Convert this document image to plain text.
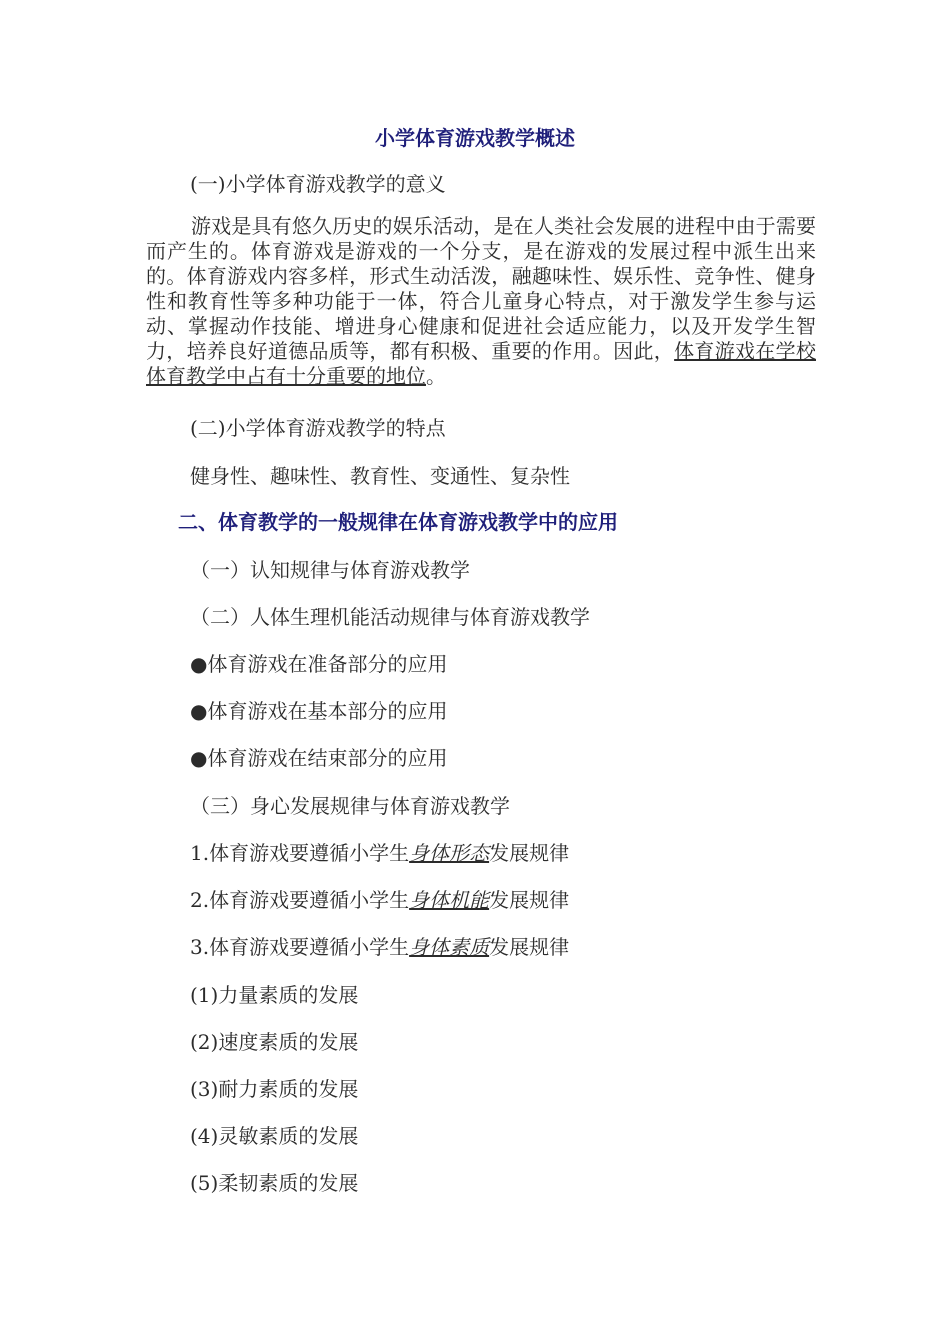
小学体育游戏教学概述
(一)小学体育游戏教学的意义
游戏是具有悠久历史的娱乐活动，是在人类社会发展的进程中由于需要而产生的。体育游戏是游戏的一个分支，是在游戏的发展过程中派生出来的。体育游戏内容多样，形式生动活泼，融趣味性、娱乐性、竞争性、健身性和教育性等多种功能于一体，符合儿童身心特点，对于激发学生参与运动、掌握动作技能、增进身心健康和促进社会适应能力，以及开发学生智力，培养良好道德品质等，都有积极、重要的作用。因此，体育游戏在学校体育教学中占有十分重要的地位。
(二)小学体育游戏教学的特点
健身性、趣味性、教育性、变通性、复杂性
二、体育教学的一般规律在体育游戏教学中的应用
（一）认知规律与体育游戏教学
（二）人体生理机能活动规律与体育游戏教学
●体育游戏在准备部分的应用
●体育游戏在基本部分的应用
●体育游戏在结束部分的应用
（三）身心发展规律与体育游戏教学
1.体育游戏要遵循小学生身体形态发展规律
2.体育游戏要遵循小学生身体机能发展规律
3.体育游戏要遵循小学生身体素质发展规律
(1)力量素质的发展
(2)速度素质的发展
(3)耐力素质的发展
(4)灵敏素质的发展
(5)柔韧素质的发展
